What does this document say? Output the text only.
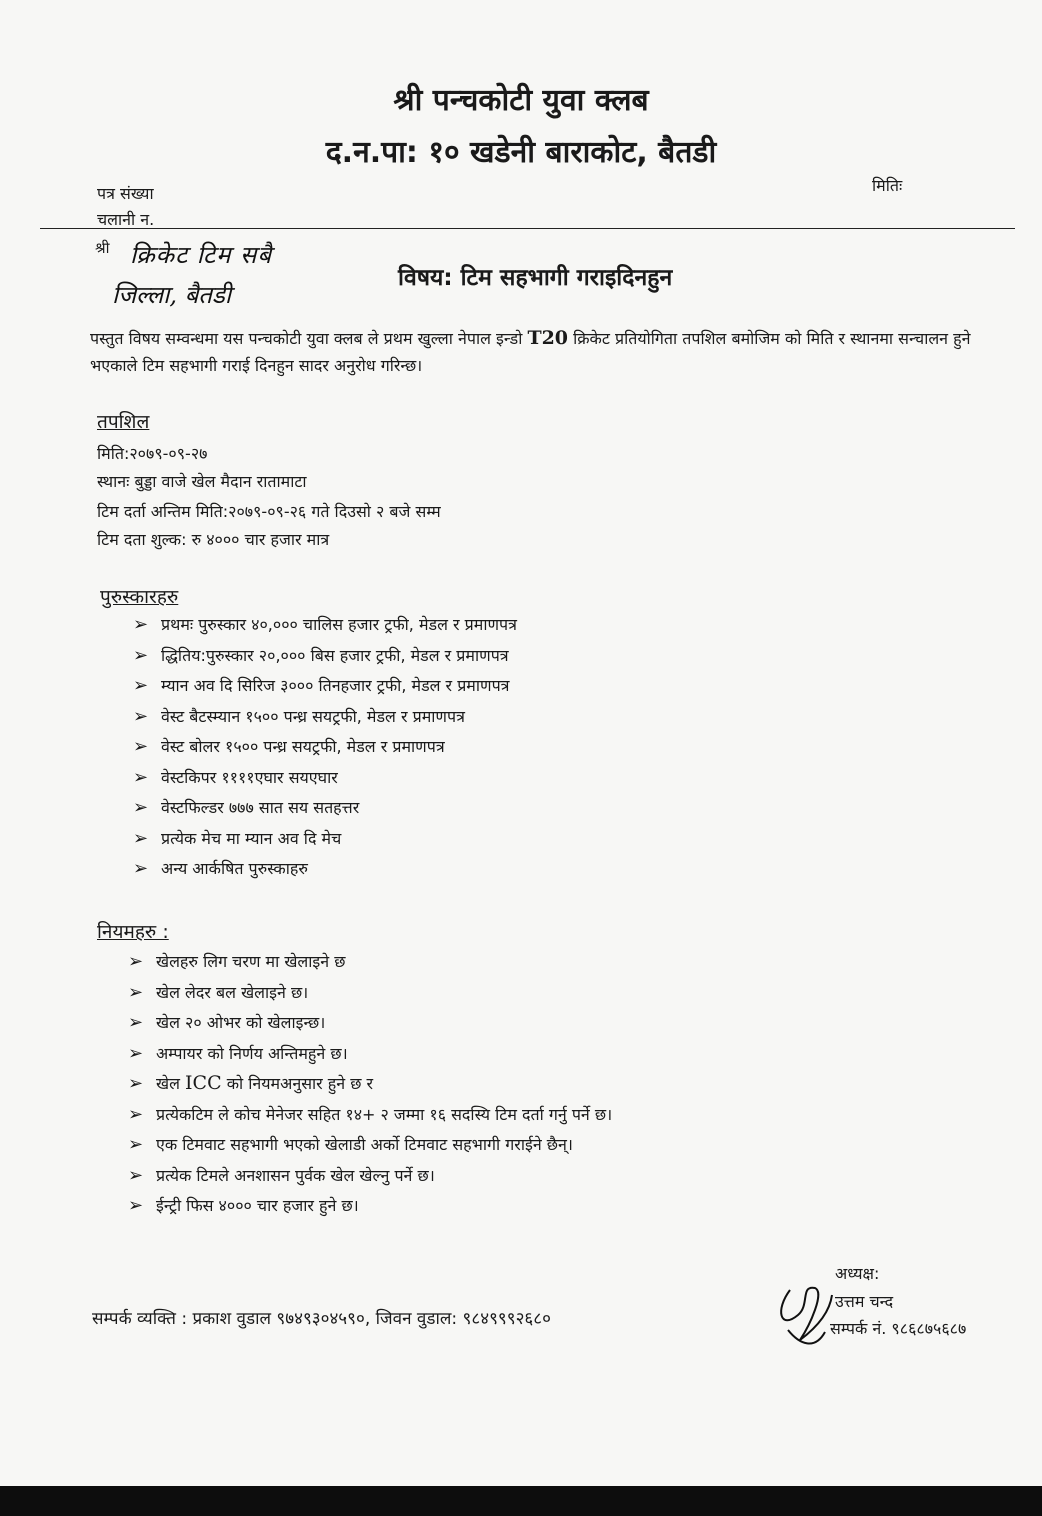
श्री पन्चकोटी युवा क्लब
द.न.पा: १० खडेनी बाराकोट, बैतडी
पत्र संख्या	मितिः
चलानी न.
श्री क्रिकेट टिम सबै
जिल्ला, बैतडी
विषय: टिम सहभागी गराइदिनहुन
पस्तुत विषय सम्वन्धमा यस पन्चकोटी युवा क्लब ले प्रथम खुल्ला नेपाल इन्डो T20 क्रिकेट प्रतियोगिता तपशिल बमोजिम को मिति र स्थानमा सन्चालन हुने भएकाले टिम सहभागी गराई दिनहुन सादर अनुरोध गरिन्छ।
तपशिल
मिति:२०७९-०९-२७
स्थानः बुड्डा वाजे खेल मैदान रातामाटा
टिम दर्ता अन्तिम मिति:२०७९-०९-२६ गते दिउसो २ बजे सम्म
टिम दता शुल्क: रु ४००० चार हजार मात्र
पुरुस्कारहरु
➢ प्रथमः पुरुस्कार ४०,००० चालिस हजार ट्रफी, मेडल र प्रमाणपत्र
➢ द्धितिय:पुरुस्कार २०,००० बिस हजार ट्रफी, मेडल र प्रमाणपत्र
➢ म्यान अव दि सिरिज ३००० तिनहजार ट्रफी, मेडल र प्रमाणपत्र
➢ वेस्ट बैटस्म्यान १५०० पन्ध्र सयट्रफी, मेडल र प्रमाणपत्र
➢ वेस्ट बोलर १५०० पन्ध्र सयट्रफी, मेडल र प्रमाणपत्र
➢ वेस्टकिपर ११११एघार सयएघार
➢ वेस्टफिल्डर ७७७ सात सय सतहत्तर
➢ प्रत्येक मेच मा म्यान अव दि मेच
➢ अन्य आर्कषित पुरुस्काहरु
नियमहरु :
➢ खेलहरु लिग चरण मा खेलाइने छ
➢ खेल लेदर बल खेलाइने छ।
➢ खेल २० ओभर को खेलाइन्छ।
➢ अम्पायर को निर्णय अन्तिमहुने छ।
➢ खेल ICC को नियमअनुसार हुने छ र
➢ प्रत्येकटिम ले कोच मेनेजर सहित १४+ २ जम्मा १६ सदस्यि टिम दर्ता गर्नु पर्ने छ।
➢ एक टिमवाट सहभागी भएको खेलाडी अर्को टिमवाट सहभागी गराईने छैन्।
➢ प्रत्येक टिमले अनशासन पुर्वक खेल खेल्नु पर्ने छ।
➢ ईन्ट्री फिस ४००० चार हजार हुने छ।
सम्पर्क व्यक्ति : प्रकाश वुडाल ९७४९३०४५९०, जिवन वुडाल: ९८४९९९२६८०
अध्यक्ष:
उत्तम चन्द
सम्पर्क नं. ९८६८७५६८७
